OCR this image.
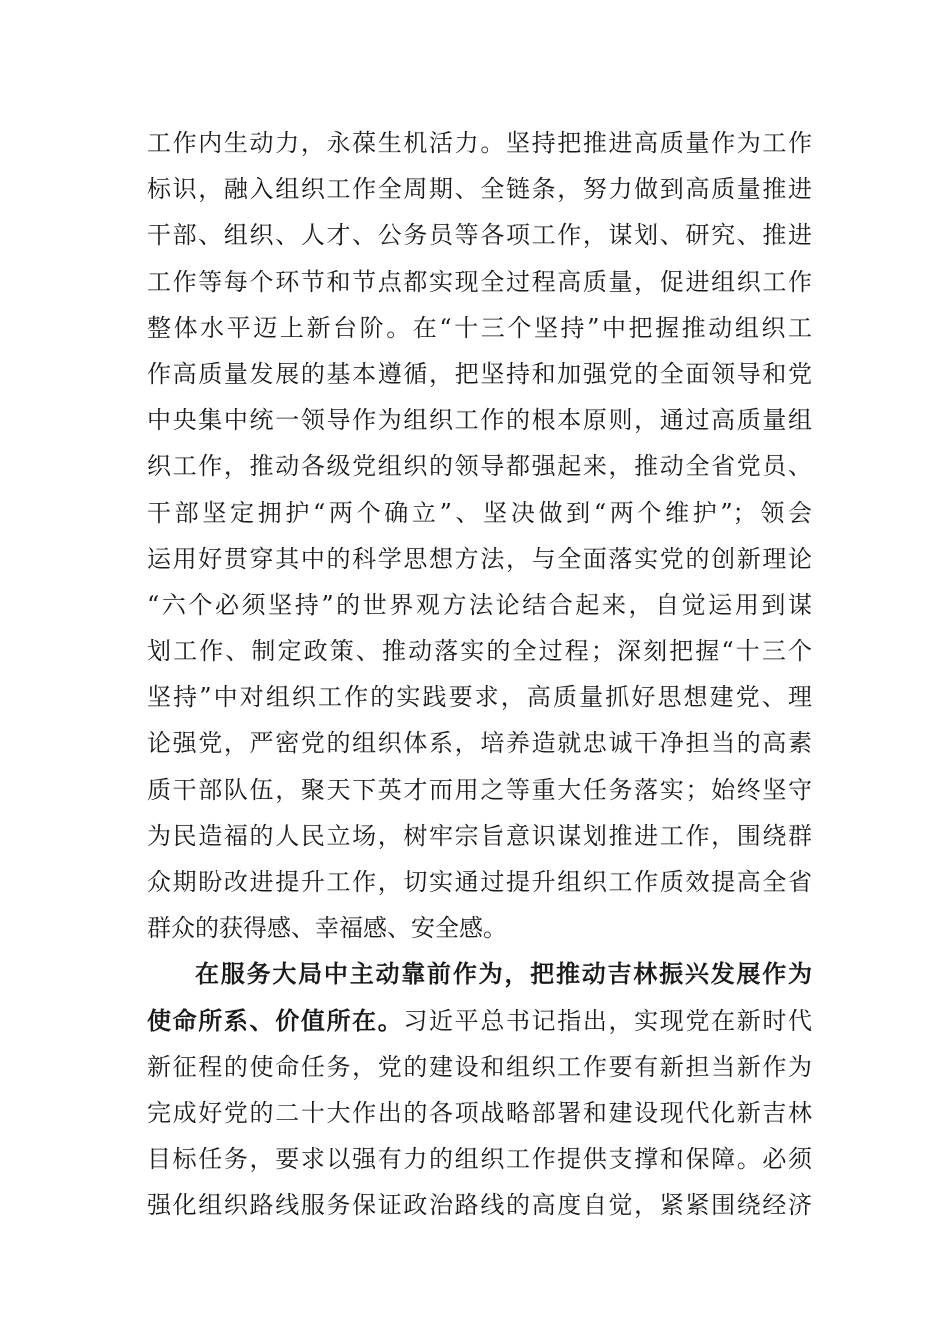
工作内生动力，永葆生机活力。坚持把推进高质量作为工作
标识，融入组织工作全周期、全链条，努力做到高质量推进
干部、组织、人才、公务员等各项工作，谋划、研究、推进
工作等每个环节和节点都实现全过程高质量，促进组织工作
整体水平迈上新台阶。在“十三个坚持”中把握推动组织工
作高质量发展的基本遵循，把坚持和加强党的全面领导和党
中央集中统一领导作为组织工作的根本原则，通过高质量组
织工作，推动各级党组织的领导都强起来，推动全省党员、
干部坚定拥护“两个确立”、坚决做到“两个维护”；领会
运用好贯穿其中的科学思想方法，与全面落实党的创新理论
“六个必须坚持”的世界观方法论结合起来，自觉运用到谋
划工作、制定政策、推动落实的全过程；深刻把握“十三个
坚持”中对组织工作的实践要求，高质量抓好思想建党、理
论强党，严密党的组织体系，培养造就忠诚干净担当的高素
质干部队伍，聚天下英才而用之等重大任务落实；始终坚守
为民造福的人民立场，树牢宗旨意识谋划推进工作，围绕群
众期盼改进提升工作，切实通过提升组织工作质效提高全省
群众的获得感、幸福感、安全感。
在服务大局中主动靠前作为，把推动吉林振兴发展作为
使命所系、价值所在。习近平总书记指出，实现党在新时代
新征程的使命任务，党的建设和组织工作要有新担当新作为
完成好党的二十大作出的各项战略部署和建设现代化新吉林
目标任务，要求以强有力的组织工作提供支撑和保障。必须
强化组织路线服务保证政治路线的高度自觉，紧紧围绕经济
